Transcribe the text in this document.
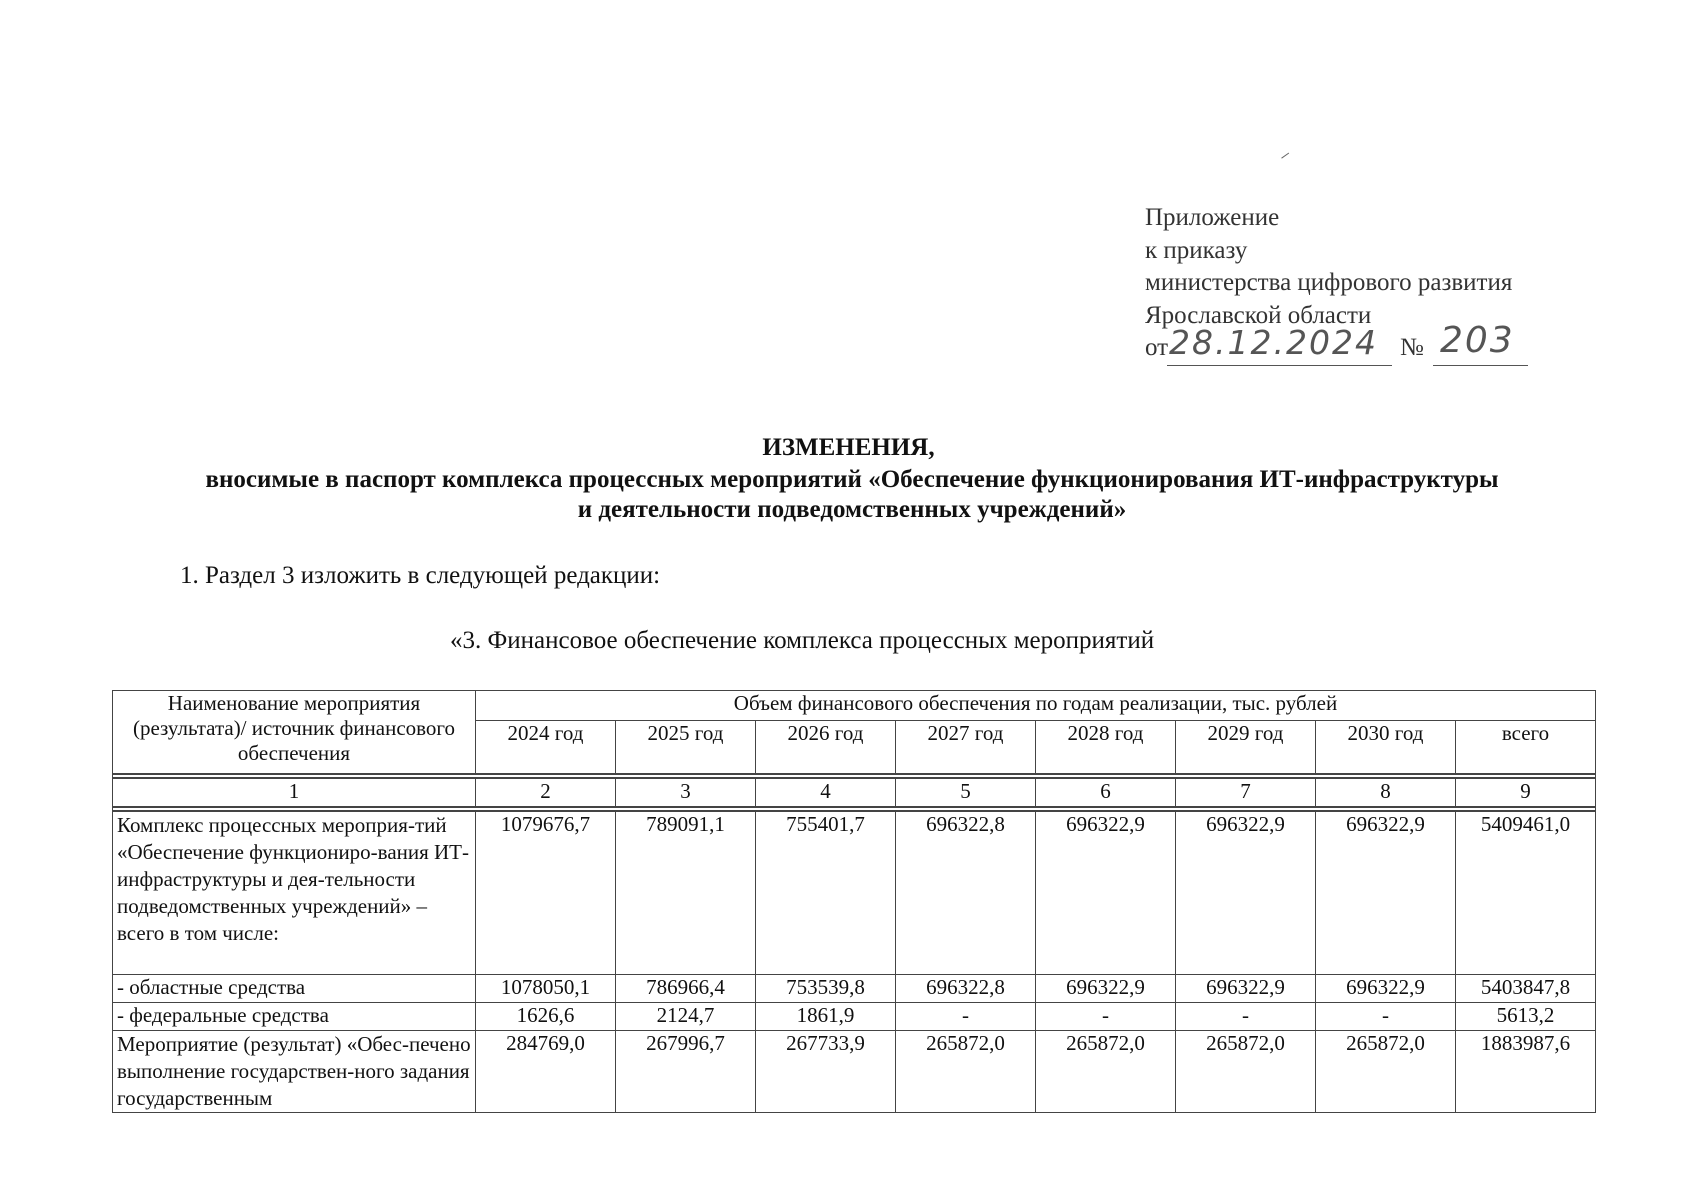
Приложение
к приказу
министерства цифрового развития
Ярославской области
от 28.12.2024 № 203
ИЗМЕНЕНИЯ,
вносимые в паспорт комплекса процессных мероприятий «Обеспечение функционирования ИТ-инфраструктуры
и деятельности подведомственных учреждений»
1. Раздел 3 изложить в следующей редакции:
«3. Финансовое обеспечение комплекса процессных мероприятий
Наименование мероприятия (результата)/ источник финансового обеспечения	Объем финансового обеспечения по годам реализации, тыс. рублей							
	2024 год	2025 год	2026 год	2027 год	2028 год	2029 год	2030 год	всего

1	2	3	4	5	6	7	8	9

Комплекс процессных мероприя-тий «Обеспечение функциониро-вания ИТ-инфраструктуры и дея-тельности подведомственных учреждений» – всего в том числе:	1079676,7	789091,1	755401,7	696322,8	696322,9	696322,9	696322,9	5409461,0
- областные средства	1078050,1	786966,4	753539,8	696322,8	696322,9	696322,9	696322,9	5403847,8
- федеральные средства	1626,6	2124,7	1861,9	-	-	-	-	5613,2
Мероприятие (результат) «Обес-печено выполнение государствен-ного задания государственным	284769,0	267996,7	267733,9	265872,0	265872,0	265872,0	265872,0	1883987,6
